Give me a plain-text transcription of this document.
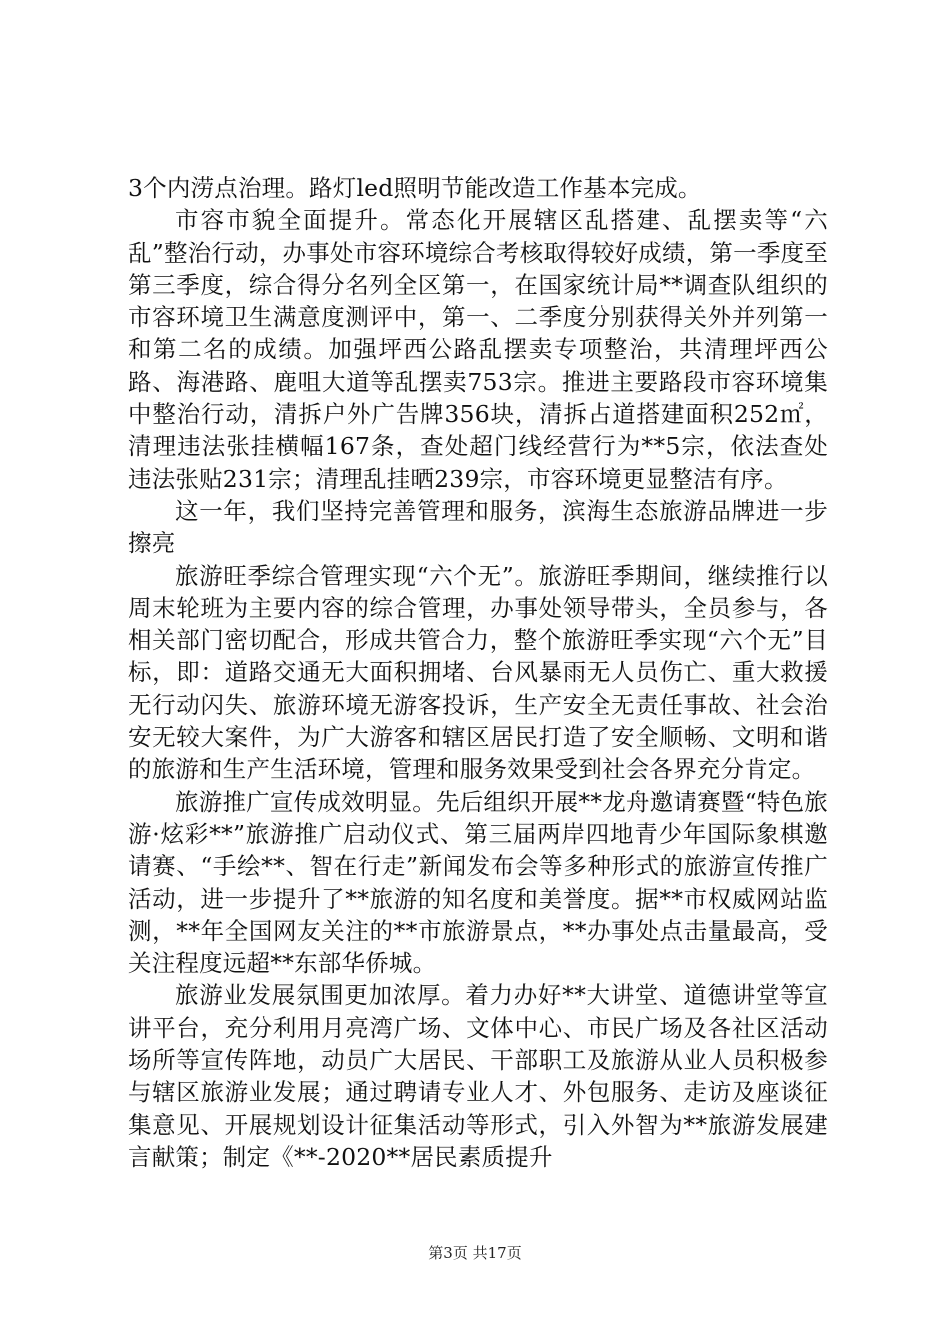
3个内涝点治理。路灯led照明节能改造工作基本完成。

市容市貌全面提升。常态化开展辖区乱搭建、乱摆卖等“六乱”整治行动，办事处市容环境综合考核取得较好成绩，第一季度至第三季度，综合得分名列全区第一，在国家统计局**调查队组织的市容环境卫生满意度测评中，第一、二季度分别获得关外并列第一和第二名的成绩。加强坪西公路乱摆卖专项整治，共清理坪西公路、海港路、鹿咀大道等乱摆卖753宗。推进主要路段市容环境集中整治行动，清拆户外广告牌356块，清拆占道搭建面积252㎡，清理违法张挂横幅167条，查处超门线经营行为**5宗，依法查处违法张贴231宗；清理乱挂晒239宗，市容环境更显整洁有序。

这一年，我们坚持完善管理和服务，滨海生态旅游品牌进一步擦亮

旅游旺季综合管理实现“六个无”。旅游旺季期间，继续推行以周末轮班为主要内容的综合管理，办事处领导带头，全员参与，各相关部门密切配合，形成共管合力，整个旅游旺季实现“六个无”目标，即：道路交通无大面积拥堵、台风暴雨无人员伤亡、重大救援无行动闪失、旅游环境无游客投诉，生产安全无责任事故、社会治安无较大案件，为广大游客和辖区居民打造了安全顺畅、文明和谐的旅游和生产生活环境，管理和服务效果受到社会各界充分肯定。

旅游推广宣传成效明显。先后组织开展**龙舟邀请赛暨“特色旅游·炫彩**”旅游推广启动仪式、第三届两岸四地青少年国际象棋邀请赛、“手绘**、智在行走”新闻发布会等多种形式的旅游宣传推广活动，进一步提升了**旅游的知名度和美誉度。据**市权威网站监测，**年全国网友关注的**市旅游景点，**办事处点击量最高，受关注程度远超**东部华侨城。

旅游业发展氛围更加浓厚。着力办好**大讲堂、道德讲堂等宣讲平台，充分利用月亮湾广场、文体中心、市民广场及各社区活动场所等宣传阵地，动员广大居民、干部职工及旅游从业人员积极参与辖区旅游业发展；通过聘请专业人才、外包服务、走访及座谈征集意见、开展规划设计征集活动等形式，引入外智为**旅游发展建言献策；制定《**-2020**居民素质提升

第3页 共17页
